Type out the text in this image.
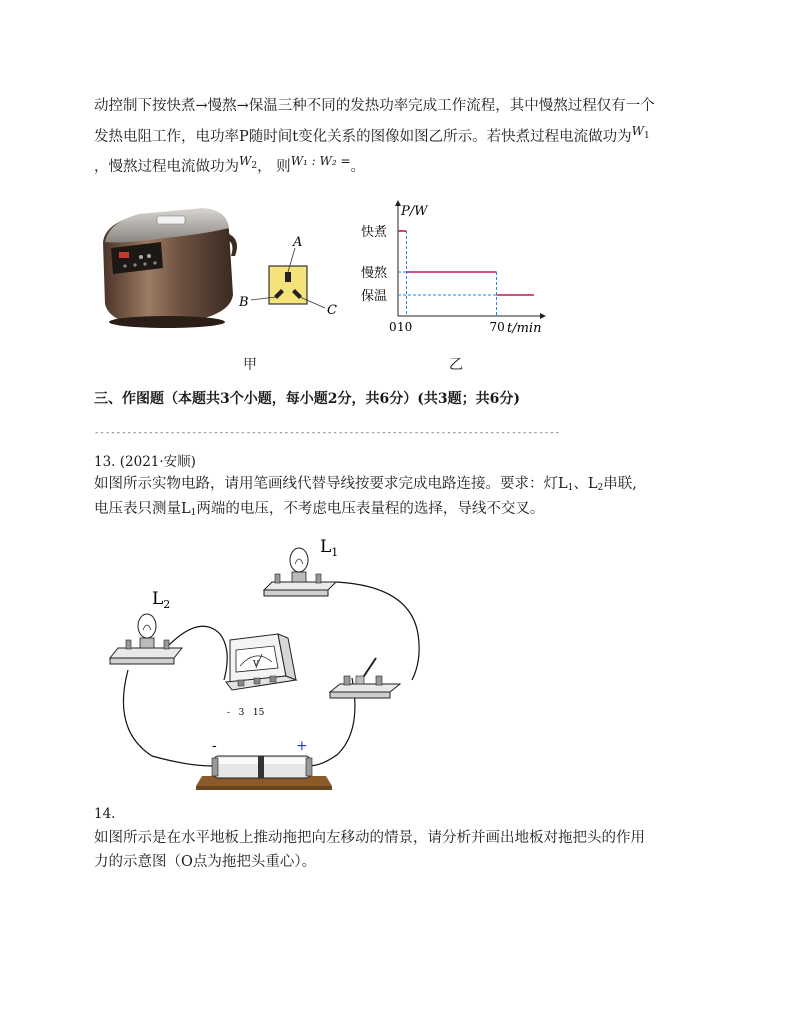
动控制下按快煮→慢熬→保温三种不同的发热功率完成工作流程，其中慢熬过程仅有一个
发热电阻工作，电功率P随时间t变化关系的图像如图乙所示。若快煮过程电流做功为$^{W1}$
，慢熬过程电流做功为$^{W2}$， 则$^{W_1 : W_2 =}$。
A
B
C
P/W
t/min
快煮
慢熬
保温
0 10	70
甲	乙
三、作图题（本题共3个小题，每小题2分，共6分）(共3题；共6分)
--------------------------------------------------------------------------------------
13. (2021·安顺)
如图所示实物电路，请用笔画线代替导线按要求完成电路连接。要求：灯$L_1$、$L_2$串联,
电压表只测量$L_1$两端的电压，不考虑电压表量程的选择，导线不交叉。
$L_1$
$L_2$
V
-   3   15
-	+
14.
如图所示是在水平地板上推动拖把向左移动的情景，请分析并画出地板对拖把头的作用
力的示意图（O点为拖把头重心）。
